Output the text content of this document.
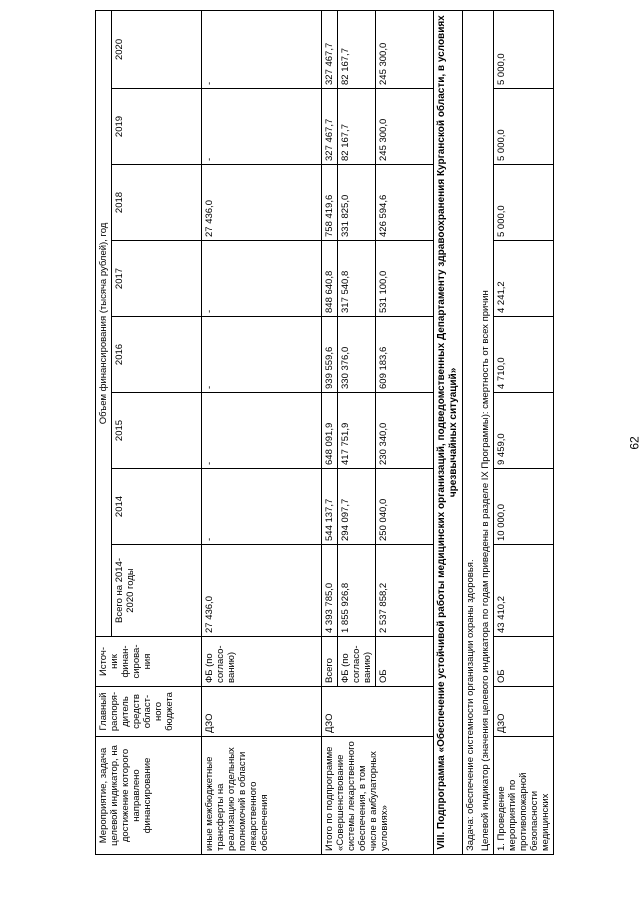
62
Мероприятие, задача целевой индикатор, на достижение которого направлено финансирование	Главный распоря-дитель средств област-ного бюджета	Источ-ник финан-сирова-ния	Объем финансирования (тысяча рублей), год							
			Всего на 2014-2020 годы	2014	2015	2016	2017	2018	2019	2020
иные межбюджетные трансферты на реализацию отдельных полномочий в области лекарственного обеспечения	ДЗО	ФБ (по согласо-ванию)	27 436,0	-	-	-	-	27 436,0	-	-
Итого по подпрограмме «Совершенствование системы лекарственного обеспечения, в том числе в амбулаторных условиях»	ДЗО	Всего	4 393 785,0	544 137,7	648 091,9	939 559,6	848 640,8	758 419,6	327 467,7	327 467,7
		ФБ (по согласо-ванию)	1 855 926,8	294 097,7	417 751,9	330 376,0	317 540,8	331 825,0	82 167,7	82 167,7
		ОБ	2 537 858,2	250 040,0	230 340,0	609 183,6	531 100,0	426 594,6	245 300,0	245 300,0
VIII. Подпрограмма «Обеспечение устойчивой работы медицинских организаций, подведомственных Департаменту здравоохранения Курганской области, в условиях чрезвычайных ситуаций»										
Задача: обеспечение системности организации охраны здоровья.										
Целевой индикатор (значения целевого индикатора по годам приведены в разделе IX Программы): смертность от всех причин										
1. Проведение мероприятий по противопожарной безопасности медицинских	ДЗО	ОБ	43 410,2	10 000,0	9 459,0	4 710,0	4 241,2	5 000,0	5 000,0	5 000,0
